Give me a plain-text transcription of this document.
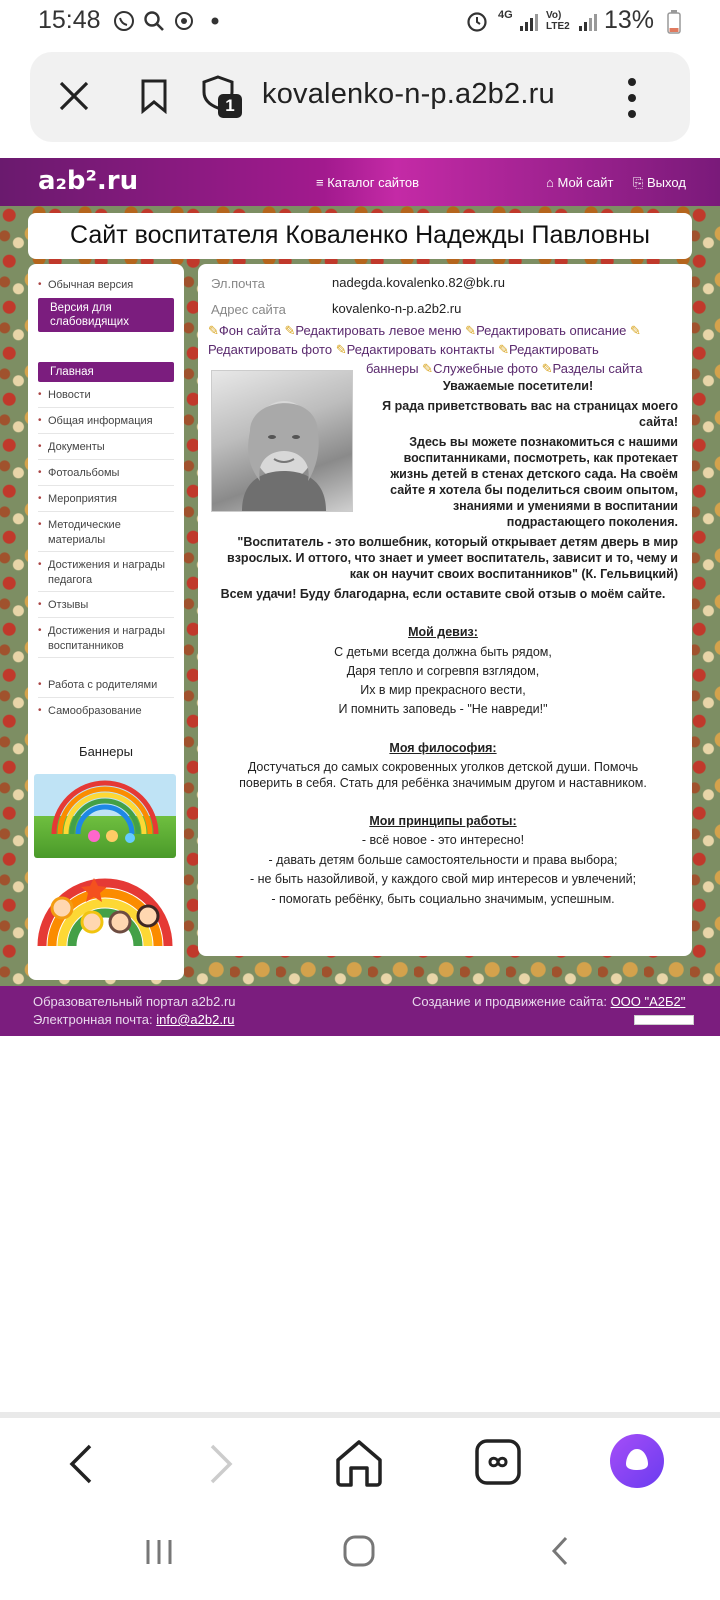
15:48	4G	Vo) LTE2	13%
1 kovalenko-n-p.a2b2.ru
a₂b².ru	≡ Каталог сайтов	⌂ Мой сайт ⎘ Выход
Сайт воспитателя Коваленко Надежды Павловны
• Обычная версия
Версия для слабовидящих
Главная
• Новости
• Общая информация
• Документы
• Фотоальбомы
• Мероприятия
• Методические материалы
• Достижения и награды педагога
• Отзывы
• Достижения и награды воспитанников
• Работа с родителями
• Самообразование
Баннеры
Эл.почта	nadegda.kovalenko.82@bk.ru
Адрес сайта	kovalenko-n-p.a2b2.ru
✎Фон сайта ✎Редактировать левое меню ✎Редактировать описание ✎
Редактировать фото ✎Редактировать контакты ✎Редактировать
баннеры ✎Служебные фото ✎Разделы сайта
Уважаемые посетители!
Я рада приветствовать вас на страницах моего
сайта!
Здесь вы можете познакомиться с нашими
воспитанниками, посмотреть, как протекает
жизнь детей в стенах детского сада. На своём
сайте я хотела бы поделиться своим опытом,
знаниями и умениями в воспитании
подрастающего поколения.
"Воспитатель - это волшебник, который открывает детям дверь в мир
взрослых. И оттого, что знает и умеет воспитатель, зависит и то, чему и
как он научит своих воспитанников" (К. Гельвицкий)
Всем удачи! Буду благодарна, если оставите свой отзыв о моём сайте.
Мой девиз:
С детьми всегда должна быть рядом,
Даря тепло и согревпя взглядом,
Их в мир прекрасного вести,
И помнить заповедь - "Не навреди!"
Моя философия:
Достучаться до самых сокровенных уголков детской души. Помочь
поверить в себя. Стать для ребёнка значимым другом и наставником.
Мои принципы работы:
- всё новое - это интересно!
- давать детям больше самостоятельности и права выбора;
- не быть назойливой, у каждого свой мир интересов и увлечений;
- помогать ребёнку, быть социально значимым, успешным.
Образовательный портал a2b2.ru
Электронная почта: info@a2b2.ru
Создание и продвижение сайта: ООО "А2Б2"
